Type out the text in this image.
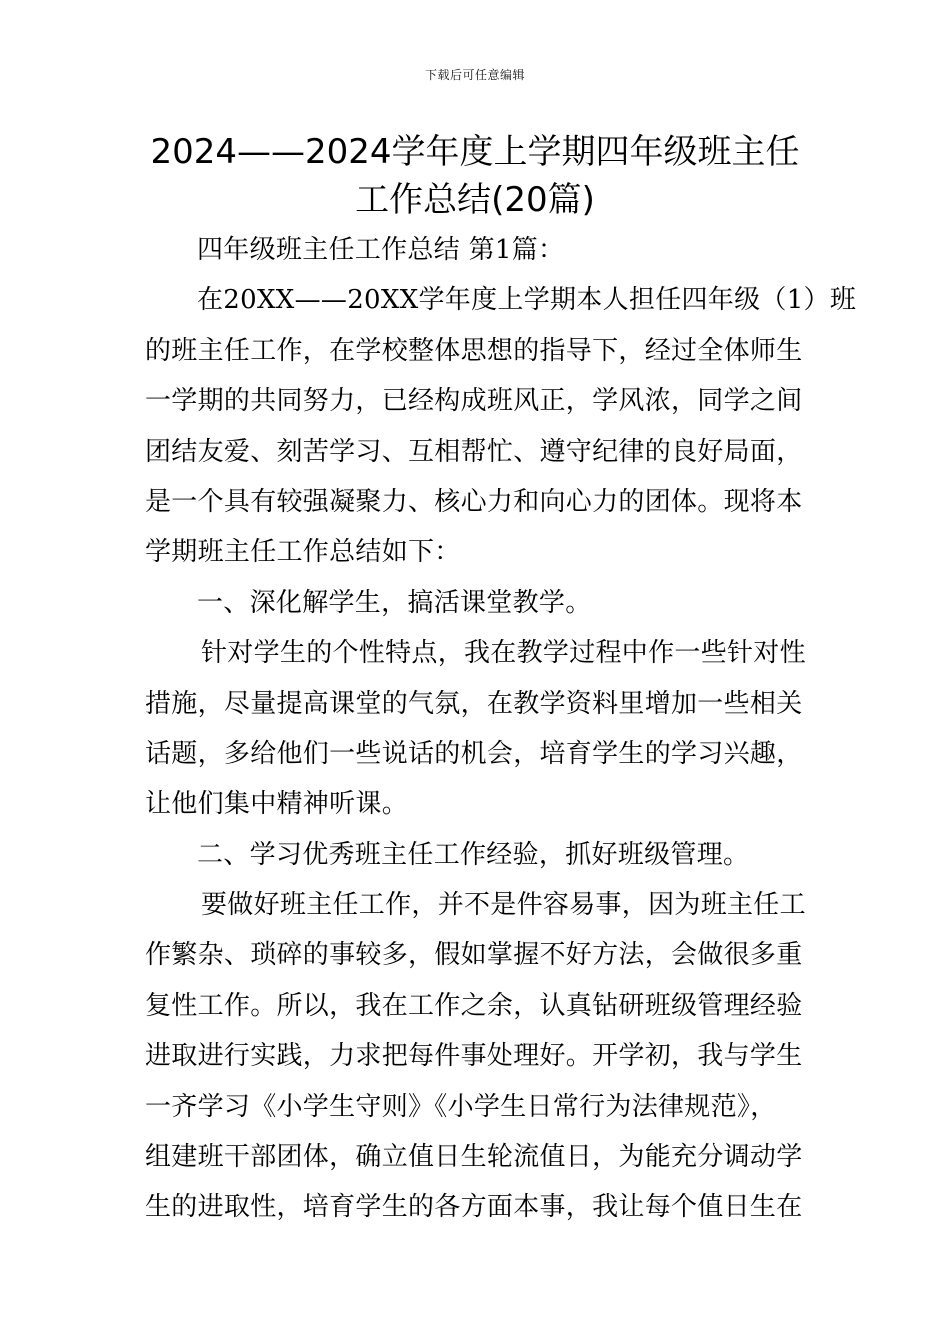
下载后可任意编辑
2024——2024学年度上学期四年级班主任
工作总结(20篇)
四年级班主任工作总结 第1篇：
在20XX——20XX学年度上学期本人担任四年级（1）班
的班主任工作，在学校整体思想的指导下，经过全体师生
一学期的共同努力，已经构成班风正，学风浓，同学之间
团结友爱、刻苦学习、互相帮忙、遵守纪律的良好局面，
是一个具有较强凝聚力、核心力和向心力的团体。现将本
学期班主任工作总结如下：
一、深化解学生，搞活课堂教学。
针对学生的个性特点，我在教学过程中作一些针对性
措施，尽量提高课堂的气氛，在教学资料里增加一些相关
话题，多给他们一些说话的机会，培育学生的学习兴趣，
让他们集中精神听课。
二、学习优秀班主任工作经验，抓好班级管理。
要做好班主任工作，并不是件容易事，因为班主任工
作繁杂、琐碎的事较多，假如掌握不好方法，会做很多重
复性工作。所以，我在工作之余，认真钻研班级管理经验
进取进行实践，力求把每件事处理好。开学初，我与学生
一齐学习《小学生守则》《小学生日常行为法律规范》，
组建班干部团体，确立值日生轮流值日，为能充分调动学
生的进取性，培育学生的各方面本事，我让每个值日生在
